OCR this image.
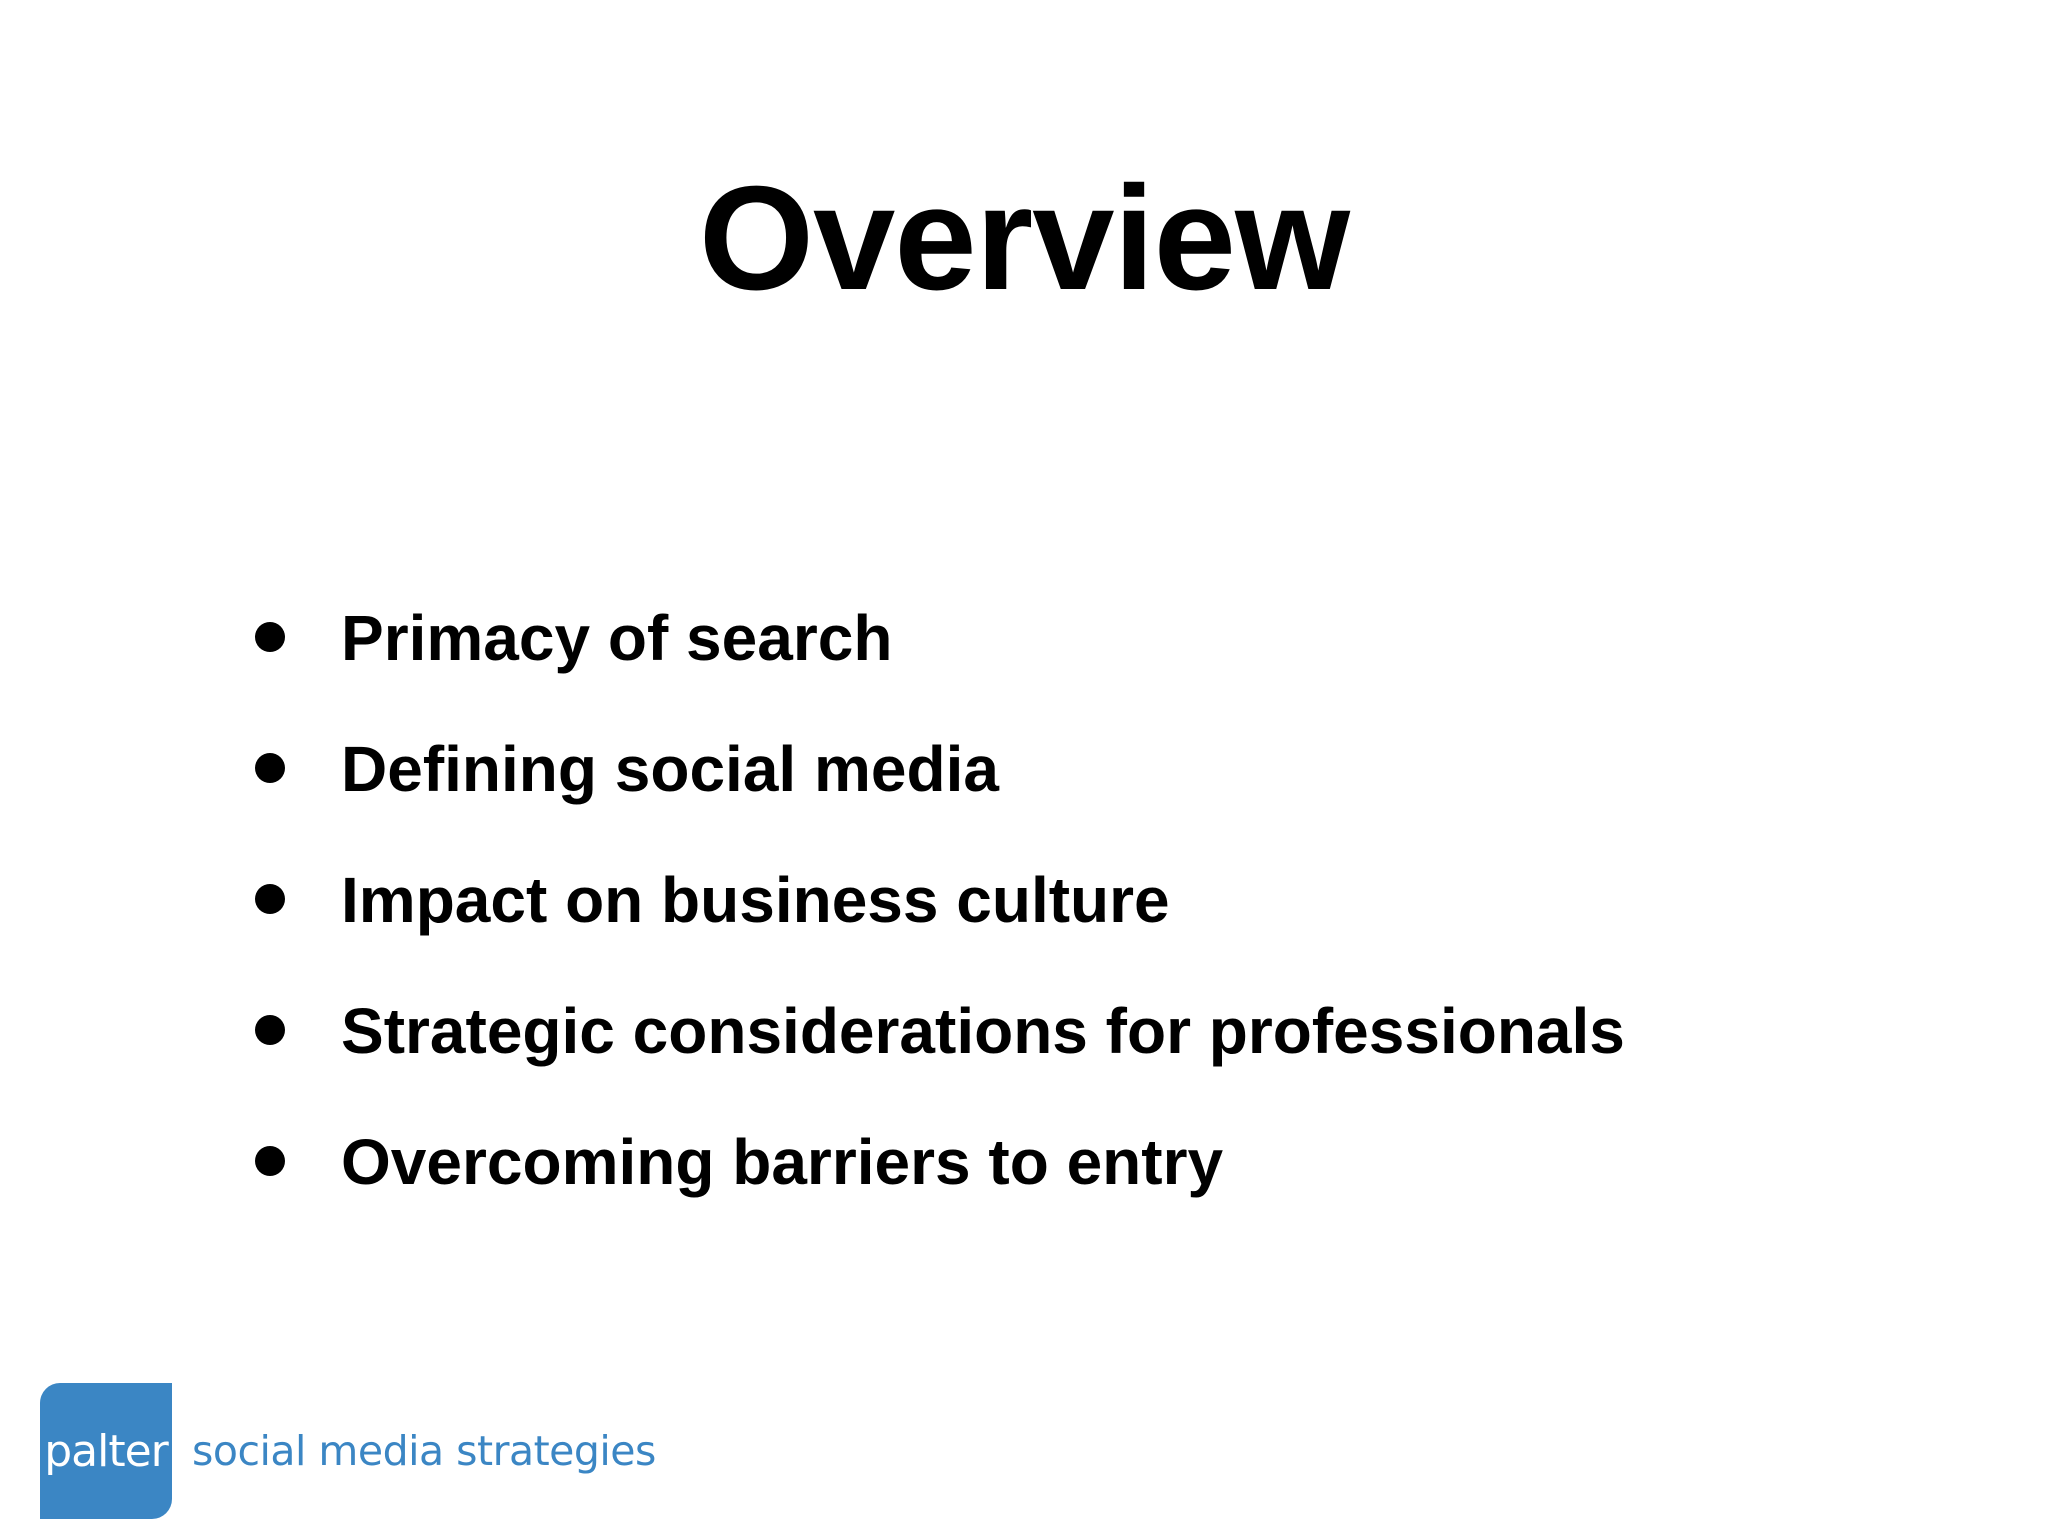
Overview
Primacy of search
Defining social media
Impact on business culture
Strategic considerations for professionals
Overcoming barriers to entry
palter social media strategies
